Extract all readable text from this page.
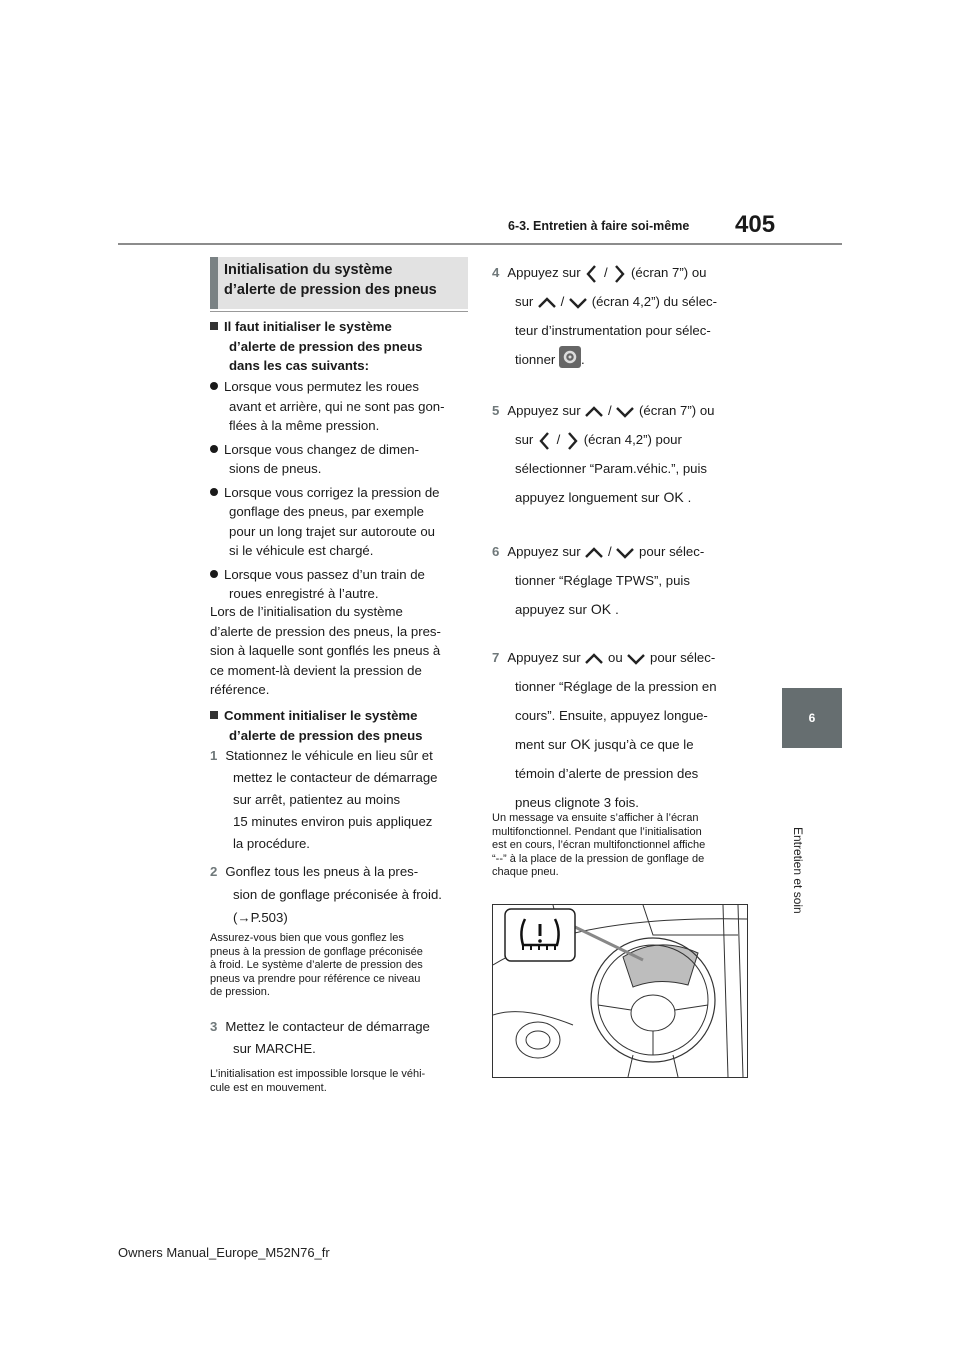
6-3. Entretien à faire soi-même 405
6
Entretien et soin
Initialisation du système
d’alerte de pression des pneus
Il faut initialiser le système
d’alerte de pression des pneus
dans les cas suivants:
Lorsque vous permutez les roues
avant et arrière, qui ne sont pas gon-
flées à la même pression.
Lorsque vous changez de dimen-
sions de pneus.
Lorsque vous corrigez la pression de
gonflage des pneus, par exemple
pour un long trajet sur autoroute ou
si le véhicule est chargé.
Lorsque vous passez d’un train de
roues enregistré à l’autre.
Lors de l’initialisation du système
d’alerte de pression des pneus, la pres-
sion à laquelle sont gonflés les pneus à
ce moment-là devient la pression de
référence.
Comment initialiser le système
d’alerte de pression des pneus
1 Stationnez le véhicule en lieu sûr et
mettez le contacteur de démarrage
sur arrêt, patientez au moins
15 minutes environ puis appliquez
la procédure.
2 Gonflez tous les pneus à la pres-
sion de gonflage préconisée à froid.
(→P.503)
Assurez-vous bien que vous gonflez les
pneus à la pression de gonflage préconisée
à froid. Le système d’alerte de pression des
pneus va prendre pour référence ce niveau
de pression.
3 Mettez le contacteur de démarrage
sur MARCHE.
L’initialisation est impossible lorsque le véhi-
cule est en mouvement.
4 Appuyez sur / (écran 7”) ou
sur / (écran 4,2”) du sélec-
teur d’instrumentation pour sélec-
tionner .
5 Appuyez sur / (écran 7”) ou
sur / (écran 4,2”) pour
sélectionner “Param.véhic.”, puis
appuyez longuement sur OK .
6 Appuyez sur / pour sélec-
tionner “Réglage TPWS”, puis
appuyez sur OK .
7 Appuyez sur ou pour sélec-
tionner “Réglage de la pression en
cours”. Ensuite, appuyez longue-
ment sur OK jusqu’à ce que le
témoin d’alerte de pression des
pneus clignote 3 fois.
Un message va ensuite s’afficher à l’écran
multifonctionnel. Pendant que l’initialisation
est en cours, l’écran multifonctionnel affiche
“--” à la place de la pression de gonflage de
chaque pneu.
Owners Manual_Europe_M52N76_fr
